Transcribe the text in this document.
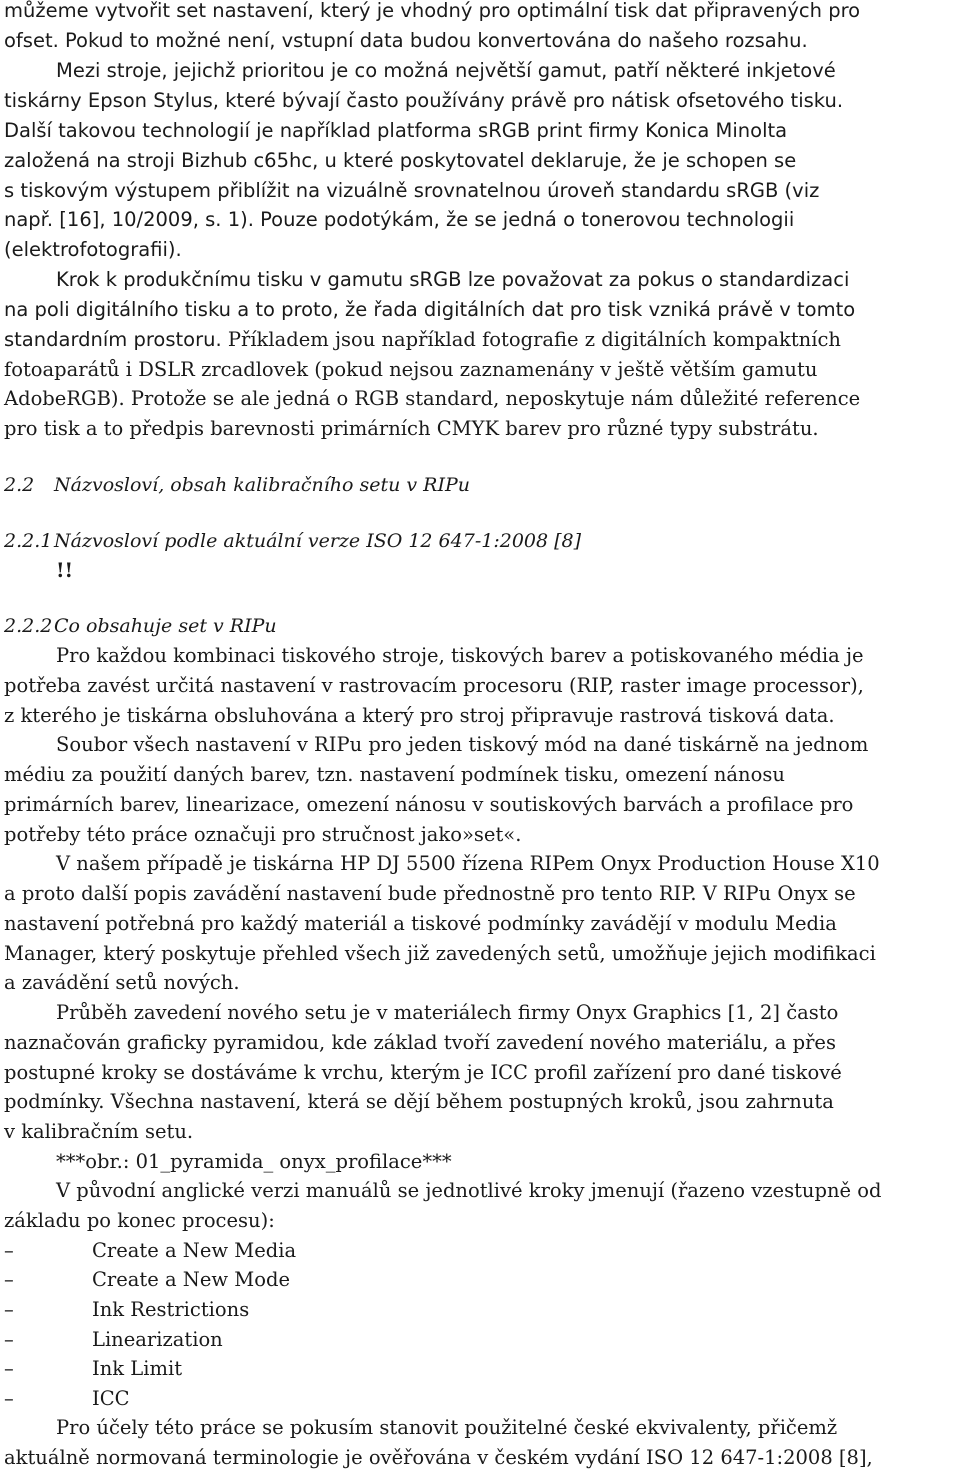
můžeme vytvořit set nastavení, který je vhodný pro optimální tisk dat připravených pro
ofset. Pokud to možné není, vstupní data budou konvertována do našeho rozsahu.
Mezi stroje, jejichž prioritou je co možná největší gamut, patří některé inkjetové
tiskárny Epson Stylus, které bývají často používány právě pro nátisk ofsetového tisku.
Další takovou technologií je například platforma sRGB print firmy Konica Minolta
založená na stroji Bizhub c65hc, u které poskytovatel deklaruje, že je schopen se
s tiskovým výstupem přiblížit na vizuálně srovnatelnou úroveň standardu sRGB (viz
např. [16], 10/2009, s. 1). Pouze podotýkám, že se jedná o tonerovou technologii
(elektrofotografii).
Krok k produkčnímu tisku v gamutu sRGB lze považovat za pokus o standardizaci
na poli digitálního tisku a to proto, že řada digitálních dat pro tisk vzniká právě v tomto
standardním prostoru. Příkladem jsou například fotografie z digitálních kompaktních
fotoaparátů i DSLR zrcadlovek (pokud nejsou zaznamenány v ještě větším gamutu
AdobeRGB). Protože se ale jedná o RGB standard, neposkytuje nám důležité reference
pro tisk a to předpis barevnosti primárních CMYK barev pro různé typy substrátu.
2.2 Názvosloví, obsah kalibračního setu v RIPu
2.2.1Názvosloví podle aktuální verze ISO 12 647-1:2008 [8]
!!
2.2.2Co obsahuje set v RIPu
Pro každou kombinaci tiskového stroje, tiskových barev a potiskovaného média je
potřeba zavést určitá nastavení v rastrovacím procesoru (RIP, raster image processor),
z kterého je tiskárna obsluhována a který pro stroj připravuje rastrová tisková data.
Soubor všech nastavení v RIPu pro jeden tiskový mód na dané tiskárně na jednom
médiu za použití daných barev, tzn. nastavení podmínek tisku, omezení nánosu
primárních barev, linearizace, omezení nánosu v soutiskových barvách a profilace pro
potřeby této práce označuji pro stručnost jako»set«.
V našem případě je tiskárna HP DJ 5500 řízena RIPem Onyx Production House X10
a proto další popis zavádění nastavení bude přednostně pro tento RIP. V RIPu Onyx se
nastavení potřebná pro každý materiál a tiskové podmínky zavádějí v modulu Media
Manager, který poskytuje přehled všech již zavedených setů, umožňuje jejich modifikaci
a zavádění setů nových.
Průběh zavedení nového setu je v materiálech firmy Onyx Graphics [1, 2] často
naznačován graficky pyramidou, kde základ tvoří zavedení nového materiálu, a přes
postupné kroky se dostáváme k vrchu, kterým je ICC profil zařízení pro dané tiskové
podmínky. Všechna nastavení, která se dějí během postupných kroků, jsou zahrnuta
v kalibračním setu.
***obr.: 01_pyramida_ onyx_profilace***
V původní anglické verzi manuálů se jednotlivé kroky jmenují (řazeno vzestupně od
základu po konec procesu):
–	Create a New Media
–	Create a New Mode
–	Ink Restrictions
–	Linearization
–	Ink Limit
–	ICC
Pro účely této práce se pokusím stanovit použitelné české ekvivalenty, přičemž
aktuálně normovaná terminologie je ověřována v českém vydání ISO 12 647-1:2008 [8],
